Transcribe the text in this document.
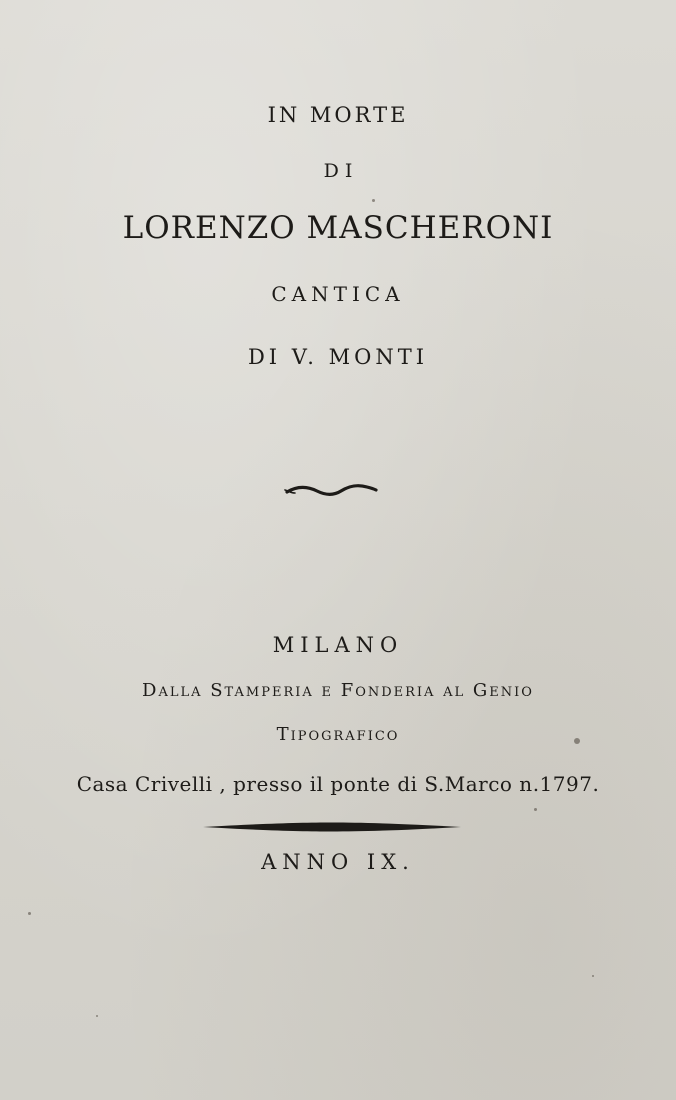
IN MORTE
DI
LORENZO MASCHERONI
CANTICA
DI V. MONTI
MILANO
Dalla Stamperia e Fonderia al Genio
Tipografico
Casa Crivelli , presso il ponte di S.Marco n.1797.
ANNO IX.
